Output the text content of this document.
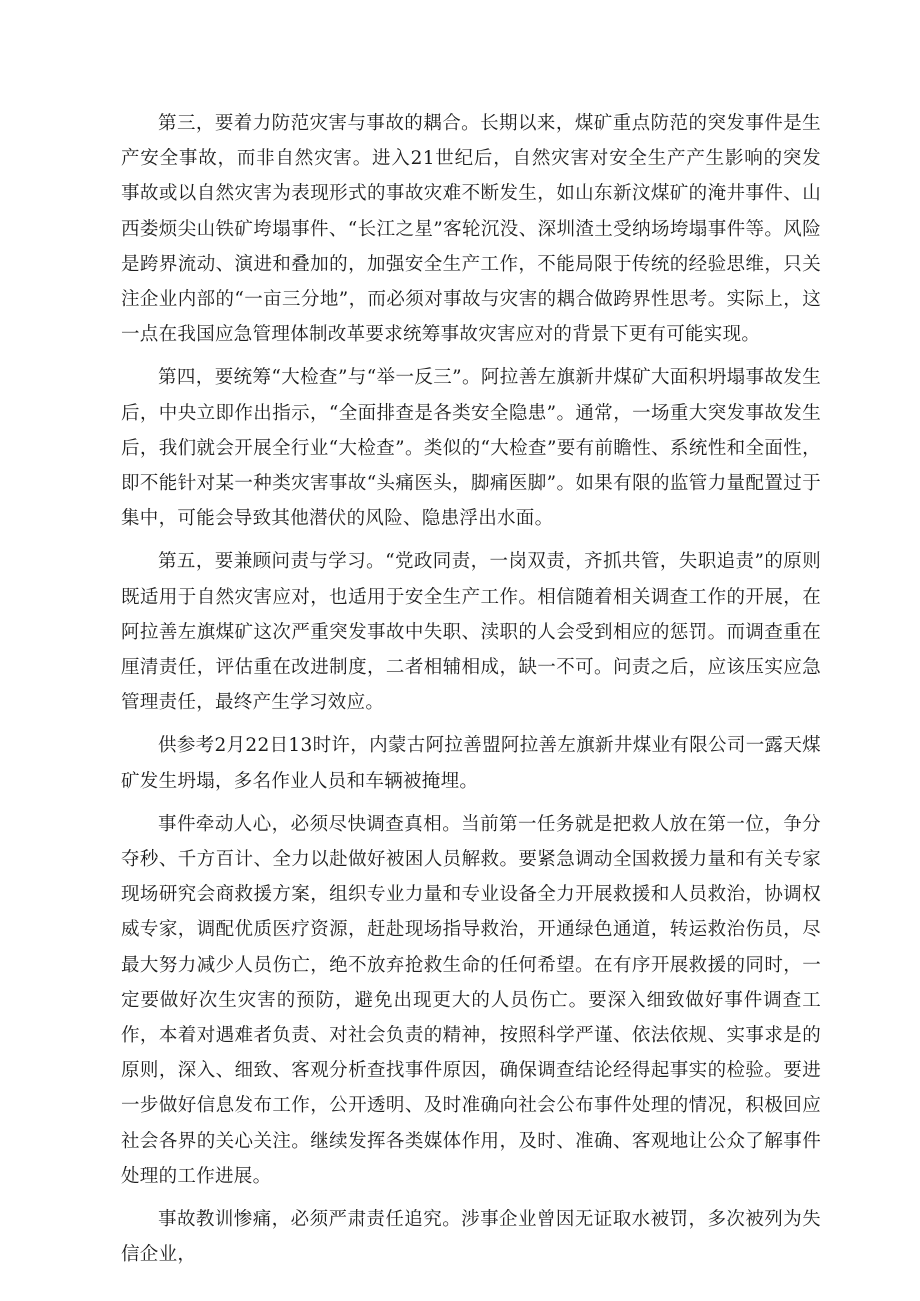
第三，要着力防范灾害与事故的耦合。长期以来，煤矿重点防范的突发事件是生产安全事故，而非自然灾害。进入21世纪后，自然灾害对安全生产产生影响的突发事故或以自然灾害为表现形式的事故灾难不断发生，如山东新汶煤矿的淹井事件、山西娄烦尖山铁矿垮塌事件、“长江之星”客轮沉没、深圳渣土受纳场垮塌事件等。风险是跨界流动、演进和叠加的，加强安全生产工作，不能局限于传统的经验思维，只关注企业内部的“一亩三分地”，而必须对事故与灾害的耦合做跨界性思考。实际上，这一点在我国应急管理体制改革要求统筹事故灾害应对的背景下更有可能实现。

第四，要统筹“大检查”与“举一反三”。阿拉善左旗新井煤矿大面积坍塌事故发生后，中央立即作出指示，“全面排查是各类安全隐患”。通常，一场重大突发事故发生后，我们就会开展全行业“大检查”。类似的“大检查”要有前瞻性、系统性和全面性，即不能针对某一种类灾害事故“头痛医头，脚痛医脚”。如果有限的监管力量配置过于集中，可能会导致其他潜伏的风险、隐患浮出水面。

第五，要兼顾问责与学习。“党政同责，一岗双责，齐抓共管，失职追责”的原则既适用于自然灾害应对，也适用于安全生产工作。相信随着相关调查工作的开展，在阿拉善左旗煤矿这次严重突发事故中失职、渎职的人会受到相应的惩罚。而调查重在厘清责任，评估重在改进制度，二者相辅相成，缺一不可。问责之后，应该压实应急管理责任，最终产生学习效应。

供参考2月22日13时许，内蒙古阿拉善盟阿拉善左旗新井煤业有限公司一露天煤矿发生坍塌，多名作业人员和车辆被掩埋。

事件牵动人心，必须尽快调查真相。当前第一任务就是把救人放在第一位，争分夺秒、千方百计、全力以赴做好被困人员解救。要紧急调动全国救援力量和有关专家现场研究会商救援方案，组织专业力量和专业设备全力开展救援和人员救治，协调权威专家，调配优质医疗资源，赶赴现场指导救治，开通绿色通道，转运救治伤员，尽最大努力减少人员伤亡，绝不放弃抢救生命的任何希望。在有序开展救援的同时，一定要做好次生灾害的预防，避免出现更大的人员伤亡。要深入细致做好事件调查工作，本着对遇难者负责、对社会负责的精神，按照科学严谨、依法依规、实事求是的原则，深入、细致、客观分析查找事件原因，确保调查结论经得起事实的检验。要进一步做好信息发布工作，公开透明、及时准确向社会公布事件处理的情况，积极回应社会各界的关心关注。继续发挥各类媒体作用，及时、准确、客观地让公众了解事件处理的工作进展。

事故教训惨痛，必须严肃责任追究。涉事企业曾因无证取水被罚，多次被列为失信企业，
